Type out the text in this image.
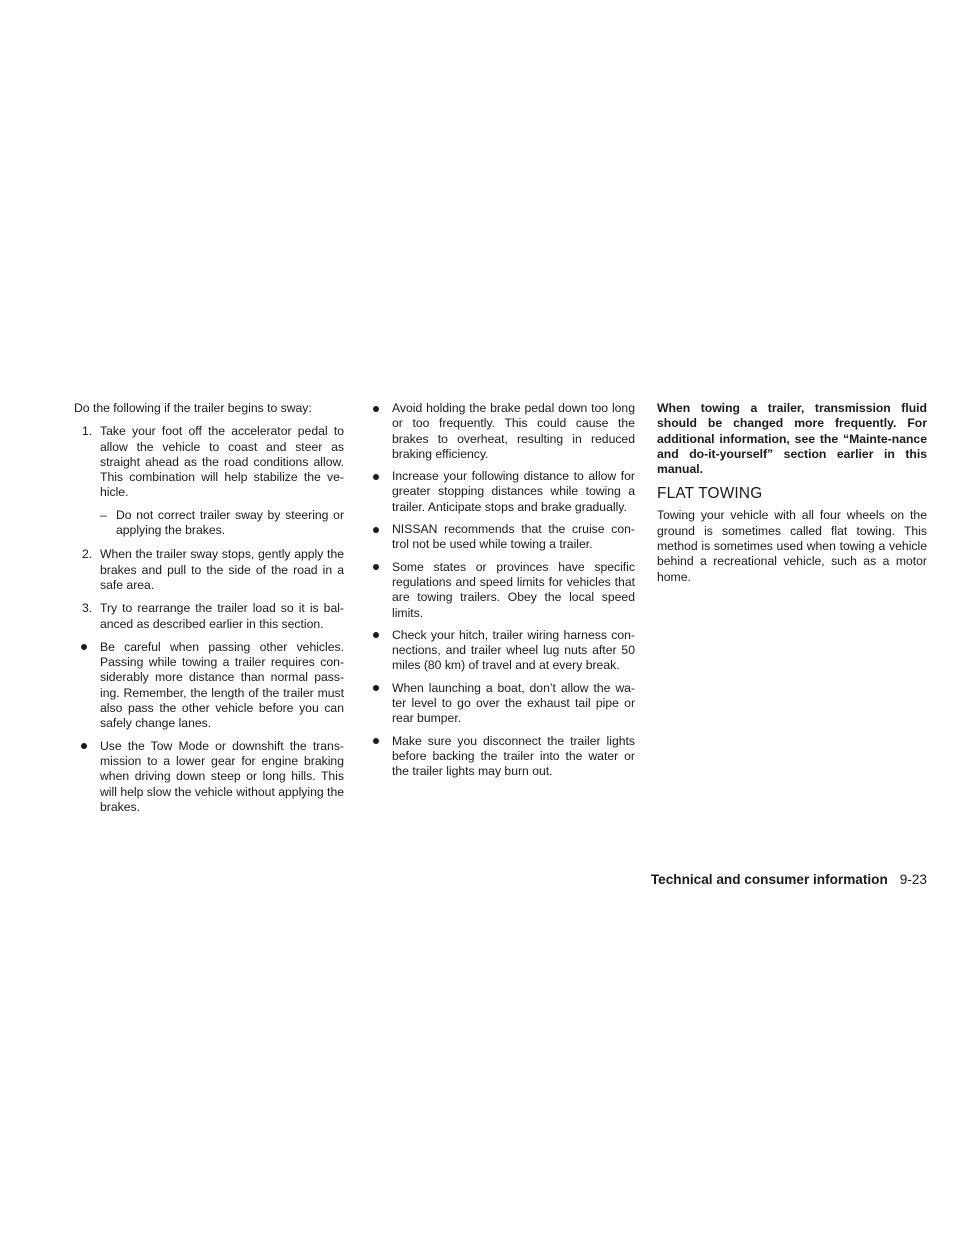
Do the following if the trailer begins to sway:

1. Take your foot off the accelerator pedal to allow the vehicle to coast and steer as straight ahead as the road conditions allow. This combination will help stabilize the ve-hicle.

– Do not correct trailer sway by steering or applying the brakes.

2. When the trailer sway stops, gently apply the brakes and pull to the side of the road in a safe area.

3. Try to rearrange the trailer load so it is bal-anced as described earlier in this section.

Be careful when passing other vehicles. Passing while towing a trailer requires con-siderably more distance than normal pass-ing. Remember, the length of the trailer must also pass the other vehicle before you can safely change lanes.

Use the Tow Mode or downshift the trans-mission to a lower gear for engine braking when driving down steep or long hills. This will help slow the vehicle without applying the brakes.

Avoid holding the brake pedal down too long or too frequently. This could cause the brakes to overheat, resulting in reduced braking efficiency.

Increase your following distance to allow for greater stopping distances while towing a trailer. Anticipate stops and brake gradually.

NISSAN recommends that the cruise con-trol not be used while towing a trailer.

Some states or provinces have specific regulations and speed limits for vehicles that are towing trailers. Obey the local speed limits.

Check your hitch, trailer wiring harness con-nections, and trailer wheel lug nuts after 50 miles (80 km) of travel and at every break.

When launching a boat, don’t allow the wa-ter level to go over the exhaust tail pipe or rear bumper.

Make sure you disconnect the trailer lights before backing the trailer into the water or the trailer lights may burn out.

When towing a trailer, transmission fluid should be changed more frequently. For additional information, see the “Mainte-nance and do-it-yourself” section earlier in this manual.

FLAT TOWING

Towing your vehicle with all four wheels on the ground is sometimes called flat towing. This method is sometimes used when towing a vehicle behind a recreational vehicle, such as a motor home.

Technical and consumer information 9-23
